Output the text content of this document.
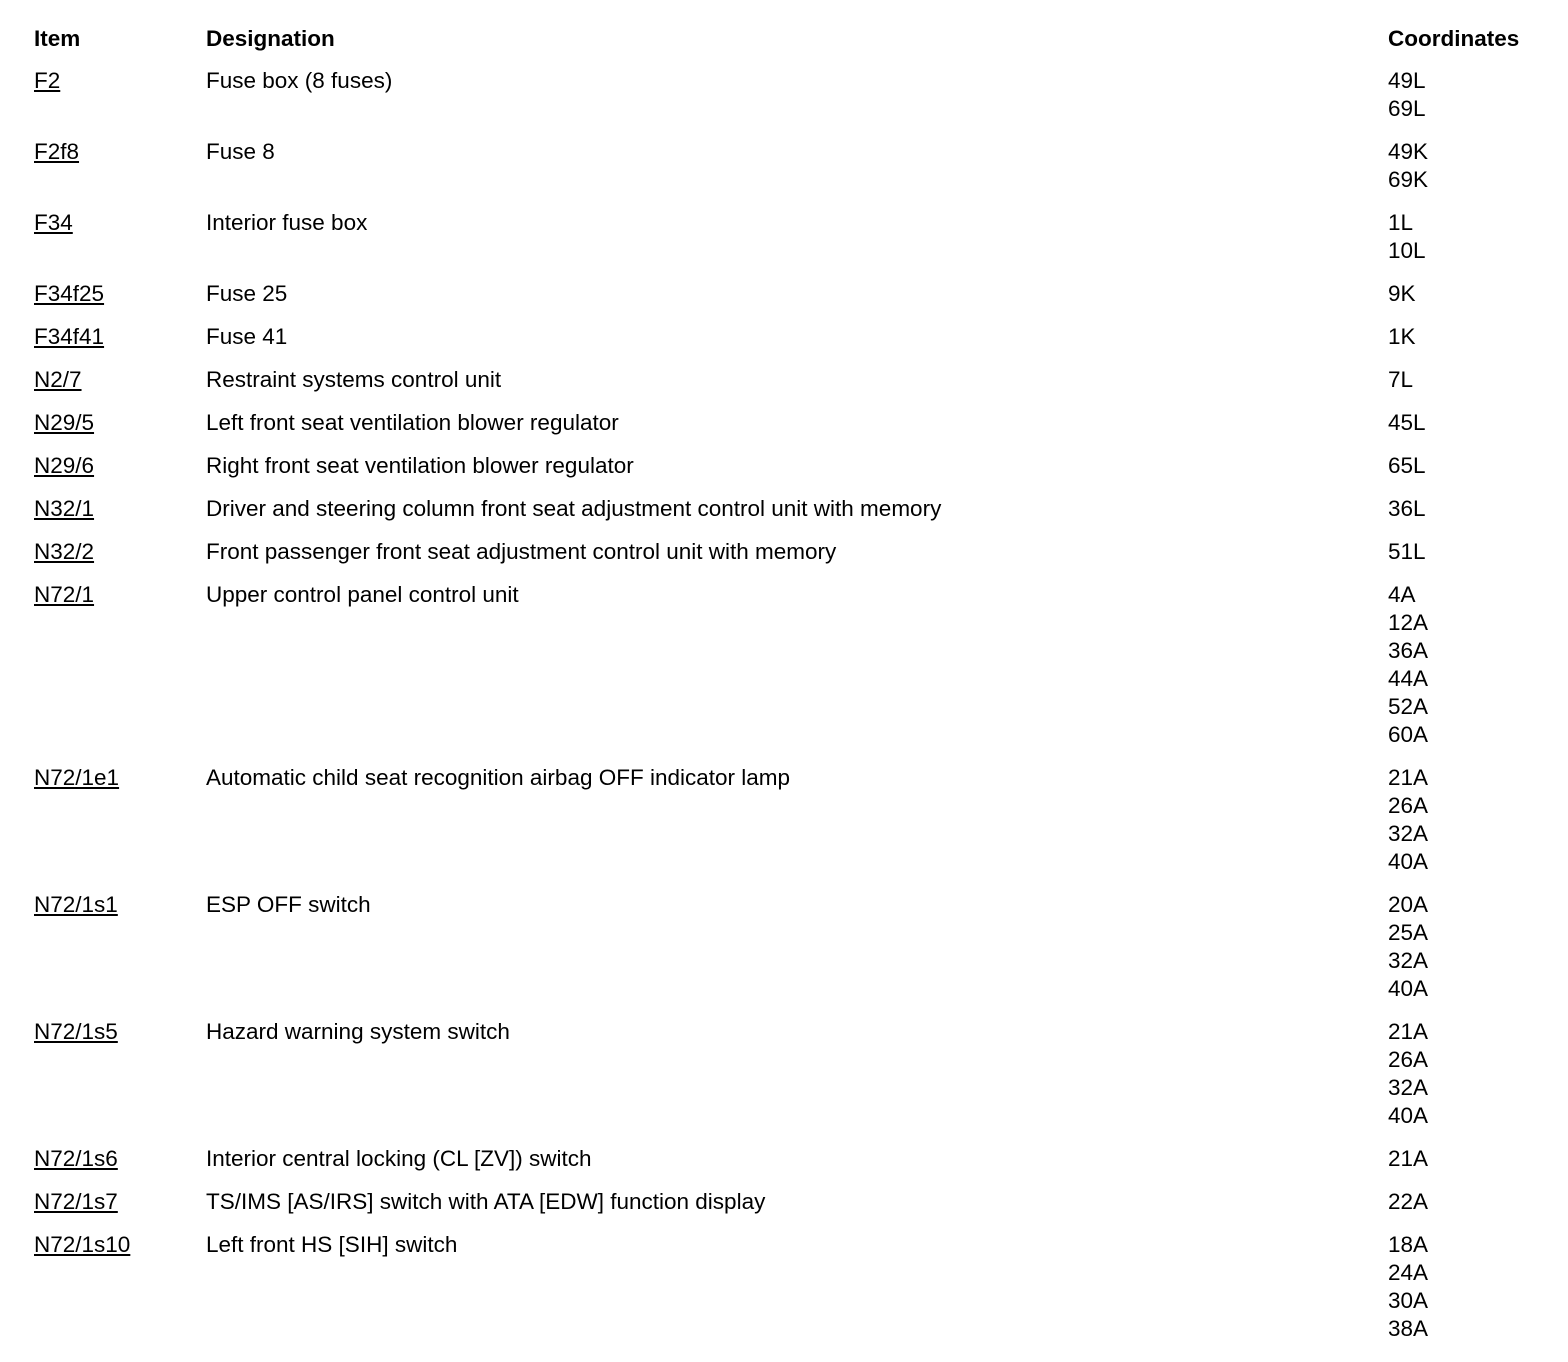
Item	Designation	Coordinates
F2	Fuse box (8 fuses)	49L
69L
F2f8	Fuse 8	49K
69K
F34	Interior fuse box	1L
10L
F34f25	Fuse 25	9K
F34f41	Fuse 41	1K
N2/7	Restraint systems control unit	7L
N29/5	Left front seat ventilation blower regulator	45L
N29/6	Right front seat ventilation blower regulator	65L
N32/1	Driver and steering column front seat adjustment control unit with memory	36L
N32/2	Front passenger front seat adjustment control unit with memory	51L
N72/1	Upper control panel control unit	4A
12A
36A
44A
52A
60A
N72/1e1	Automatic child seat recognition airbag OFF indicator lamp	21A
26A
32A
40A
N72/1s1	ESP OFF switch	20A
25A
32A
40A
N72/1s5	Hazard warning system switch	21A
26A
32A
40A
N72/1s6	Interior central locking (CL [ZV]) switch	21A
N72/1s7	TS/IMS [AS/IRS] switch with ATA [EDW] function display	22A
N72/1s10	Left front HS [SIH] switch	18A
24A
30A
38A
